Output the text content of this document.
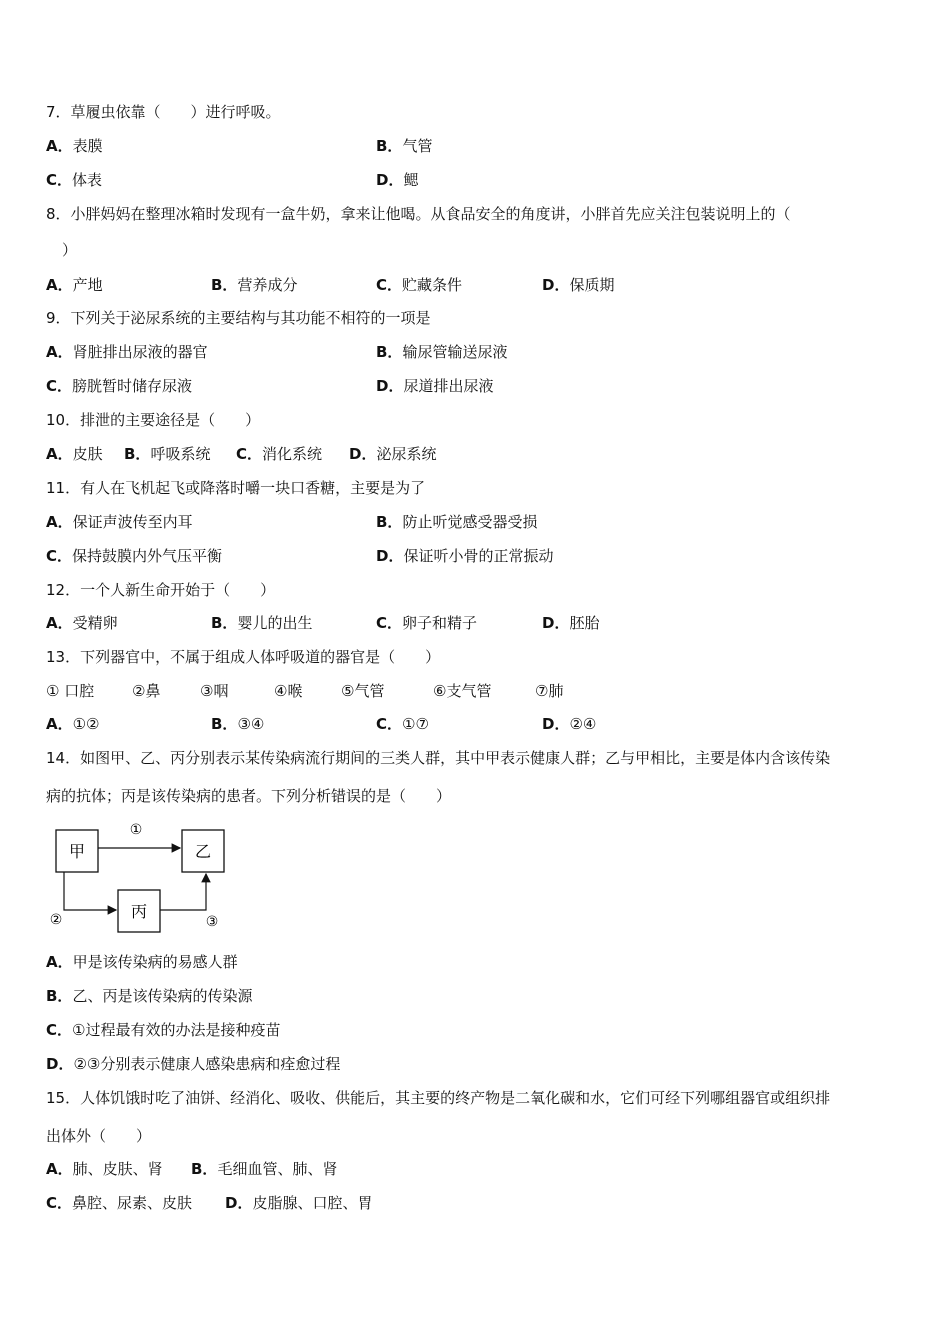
7．草履虫依靠（　　）进行呼吸。
A．表膜	B．气管
C．体表	D．鳃
8．小胖妈妈在整理冰箱时发现有一盒牛奶，拿来让他喝。从食品安全的角度讲，小胖首先应关注包装说明上的（
）
A．产地	B．营养成分	C．贮藏条件	D．保质期
9．下列关于泌尿系统的主要结构与其功能不相符的一项是
A．肾脏排出尿液的器官	B．输尿管输送尿液
C．膀胱暂时储存尿液	D．尿道排出尿液
10．排泄的主要途径是（　　）
A．皮肤 B．呼吸系统 C．消化系统 D．泌尿系统
11．有人在飞机起飞或降落时嚼一块口香糖，主要是为了
A．保证声波传至内耳	B．防止听觉感受器受损
C．保持鼓膜内外气压平衡	D．保证听小骨的正常振动
12．一个人新生命开始于（　　）
A．受精卵	B．婴儿的出生	C．卵子和精子	D．胚胎
13．下列器官中，不属于组成人体呼吸道的器官是（　　）
① 口腔	②鼻	③咽	④喉	⑤气管	⑥支气管	⑦肺
A．①②	B．③④	C．①⑦	D．②④
14．如图甲、乙、丙分别表示某传染病流行期间的三类人群，其中甲表示健康人群；乙与甲相比，主要是体内含该传染
病的抗体；丙是该传染病的患者。下列分析错误的是（　　）
甲	乙
丙
①
②	③
A．甲是该传染病的易感人群
B．乙、丙是该传染病的传染源
C．①过程最有效的办法是接种疫苗
D．②③分别表示健康人感染患病和痊愈过程
15．人体饥饿时吃了油饼、经消化、吸收、供能后，其主要的终产物是二氧化碳和水，它们可经下列哪组器官或组织排
出体外（　　）
A．肺、皮肤、肾 B．毛细血管、肺、肾
C．鼻腔、尿素、皮肤 D．皮脂腺、口腔、胃
